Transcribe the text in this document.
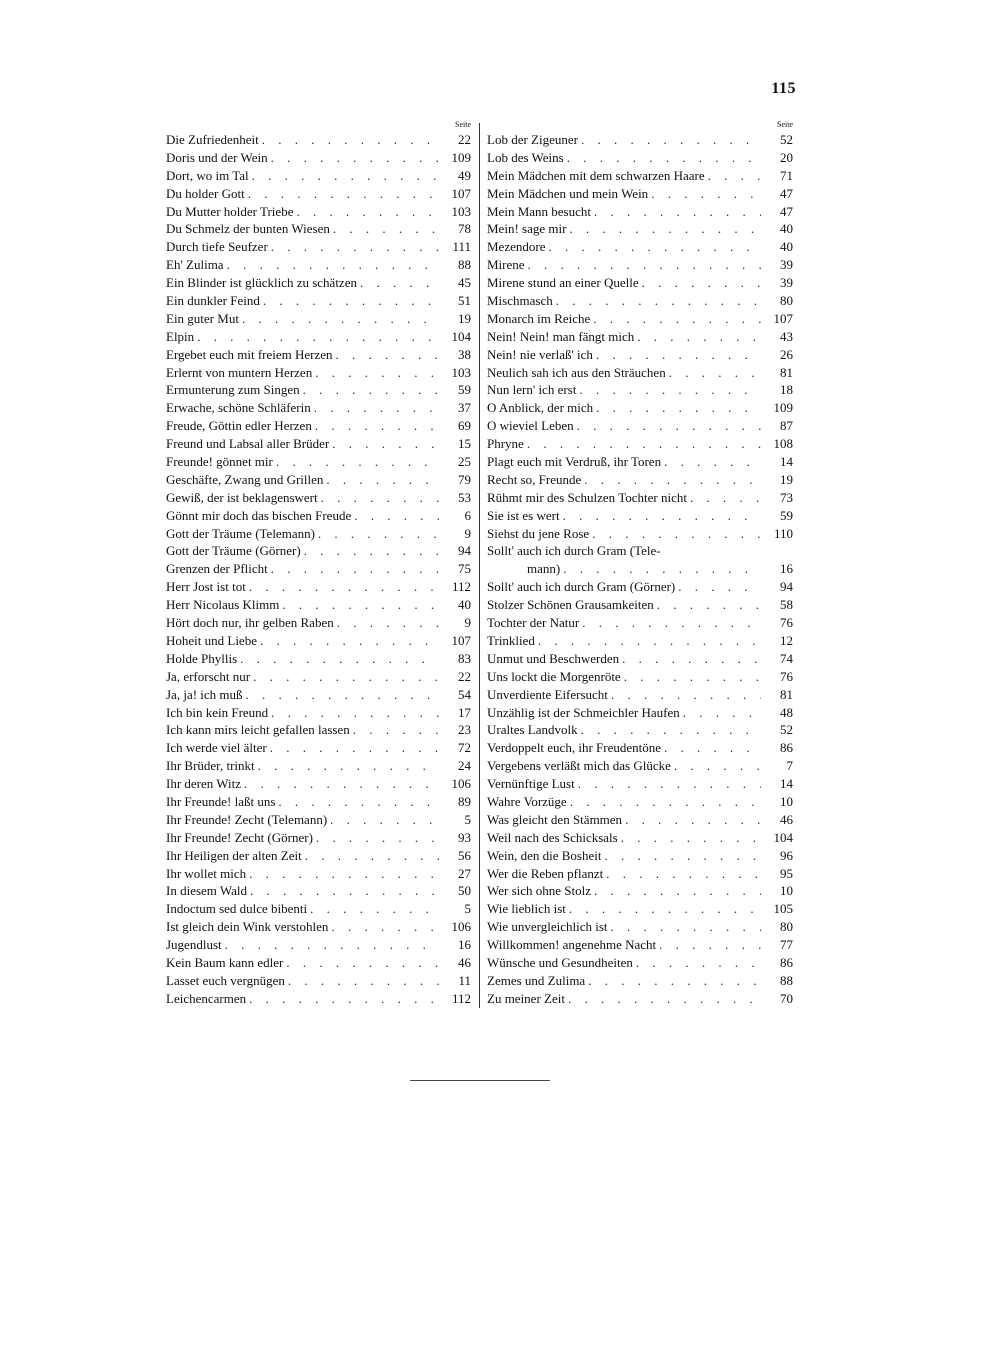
115
Seite
Die Zufriedenheit . . .	22
Doris und der Wein . . .	109
Dort, wo im Tal . . .	49
Du holder Gott . . .	107
Du Mutter holder Triebe . . .	103
Du Schmelz der bunten Wiesen . . .	78
Durch tiefe Seufzer . . .	111
Eh' Zulima . . .	88
Ein Blinder ist glücklich zu schätzen . . .	45
Ein dunkler Feind . . .	51
Ein guter Mut . . .	19
Elpin . . .	104
Ergebet euch mit freiem Herzen . . .	38
Erlernt von muntern Herzen . . .	103
Ermunterung zum Singen . . .	59
Erwache, schöne Schläferin . . .	37
Freude, Göttin edler Herzen . . .	69
Freund und Labsal aller Brüder . . .	15
Freunde! gönnet mir . . .	25
Geschäfte, Zwang und Grillen . . .	79
Gewiß, der ist beklagenswert . . .	53
Gönnt mir doch das bischen Freude . . .	6
Gott der Träume (Telemann) . . .	9
Gott der Träume (Görner) . . .	94
Grenzen der Pflicht . . .	75
Herr Jost ist tot . . .	112
Herr Nicolaus Klimm . . .	40
Hört doch nur, ihr gelben Raben . . .	9
Hoheit und Liebe . . .	107
Holde Phyllis . . .	83
Ja, erforscht nur . . .	22
Ja, ja! ich muß . . .	54
Ich bin kein Freund . . .	17
Ich kann mirs leicht gefallen lassen . . .	23
Ich werde viel älter . . .	72
Ihr Brüder, trinkt . . .	24
Ihr deren Witz . . .	106
Ihr Freunde! laßt uns . . .	89
Ihr Freunde! Zecht (Telemann) . . .	5
Ihr Freunde! Zecht (Görner) . . .	93
Ihr Heiligen der alten Zeit . . .	56
Ihr wollet mich . . .	27
In diesem Wald . . .	50
Indoctum sed dulce bibenti . . .	5
Ist gleich dein Wink verstohlen . . .	106
Jugendlust . . .	16
Kein Baum kann edler . . .	46
Lasset euch vergnügen . . .	11
Leichencarmen . . .	112
Seite
Lob der Zigeuner . . .	52
Lob des Weins . . .	20
Mein Mädchen mit dem schwarzen Haare . . .	71
Mein Mädchen und mein Wein . . .	47
Mein Mann besucht . . .	47
Mein! sage mir . . .	40
Mezendore . . .	40
Mirene . . .	39
Mirene stund an einer Quelle . . .	39
Mischmasch . . .	80
Monarch im Reiche . . .	107
Nein! Nein! man fängt mich . . .	43
Nein! nie verlaß' ich . . .	26
Neulich sah ich aus den Sträuchen . . .	81
Nun lern' ich erst . . .	18
O Anblick, der mich . . .	109
O wieviel Leben . . .	87
Phryne . . .	108
Plagt euch mit Verdruß, ihr Toren . . .	14
Recht so, Freunde . . .	19
Rühmt mir des Schulzen Tochter nicht . . .	73
Sie ist es wert . . .	59
Siehst du jene Rose . . .	110
Sollt' auch ich durch Gram (Tele-
mann) . . .	16
Sollt' auch ich durch Gram (Görner) . . .	94
Stolzer Schönen Grausamkeiten . . .	58
Tochter der Natur . . .	76
Trinklied . . .	12
Unmut und Beschwerden . . .	74
Uns lockt die Morgenröte . . .	76
Unverdiente Eifersucht . . .	81
Unzählig ist der Schmeichler Haufen . . .	48
Uraltes Landvolk . . .	52
Verdoppelt euch, ihr Freudentöne . . .	86
Vergebens verläßt mich das Glücke . . .	7
Vernünftige Lust . . .	14
Wahre Vorzüge . . .	10
Was gleicht den Stämmen . . .	46
Weil nach des Schicksals . . .	104
Wein, den die Bosheit . . .	96
Wer die Reben pflanzt . . .	95
Wer sich ohne Stolz . . .	10
Wie lieblich ist . . .	105
Wie unvergleichlich ist . . .	80
Willkommen! angenehme Nacht . . .	77
Wünsche und Gesundheiten . . .	86
Zemes und Zulima . . .	88
Zu meiner Zeit . . .	70
